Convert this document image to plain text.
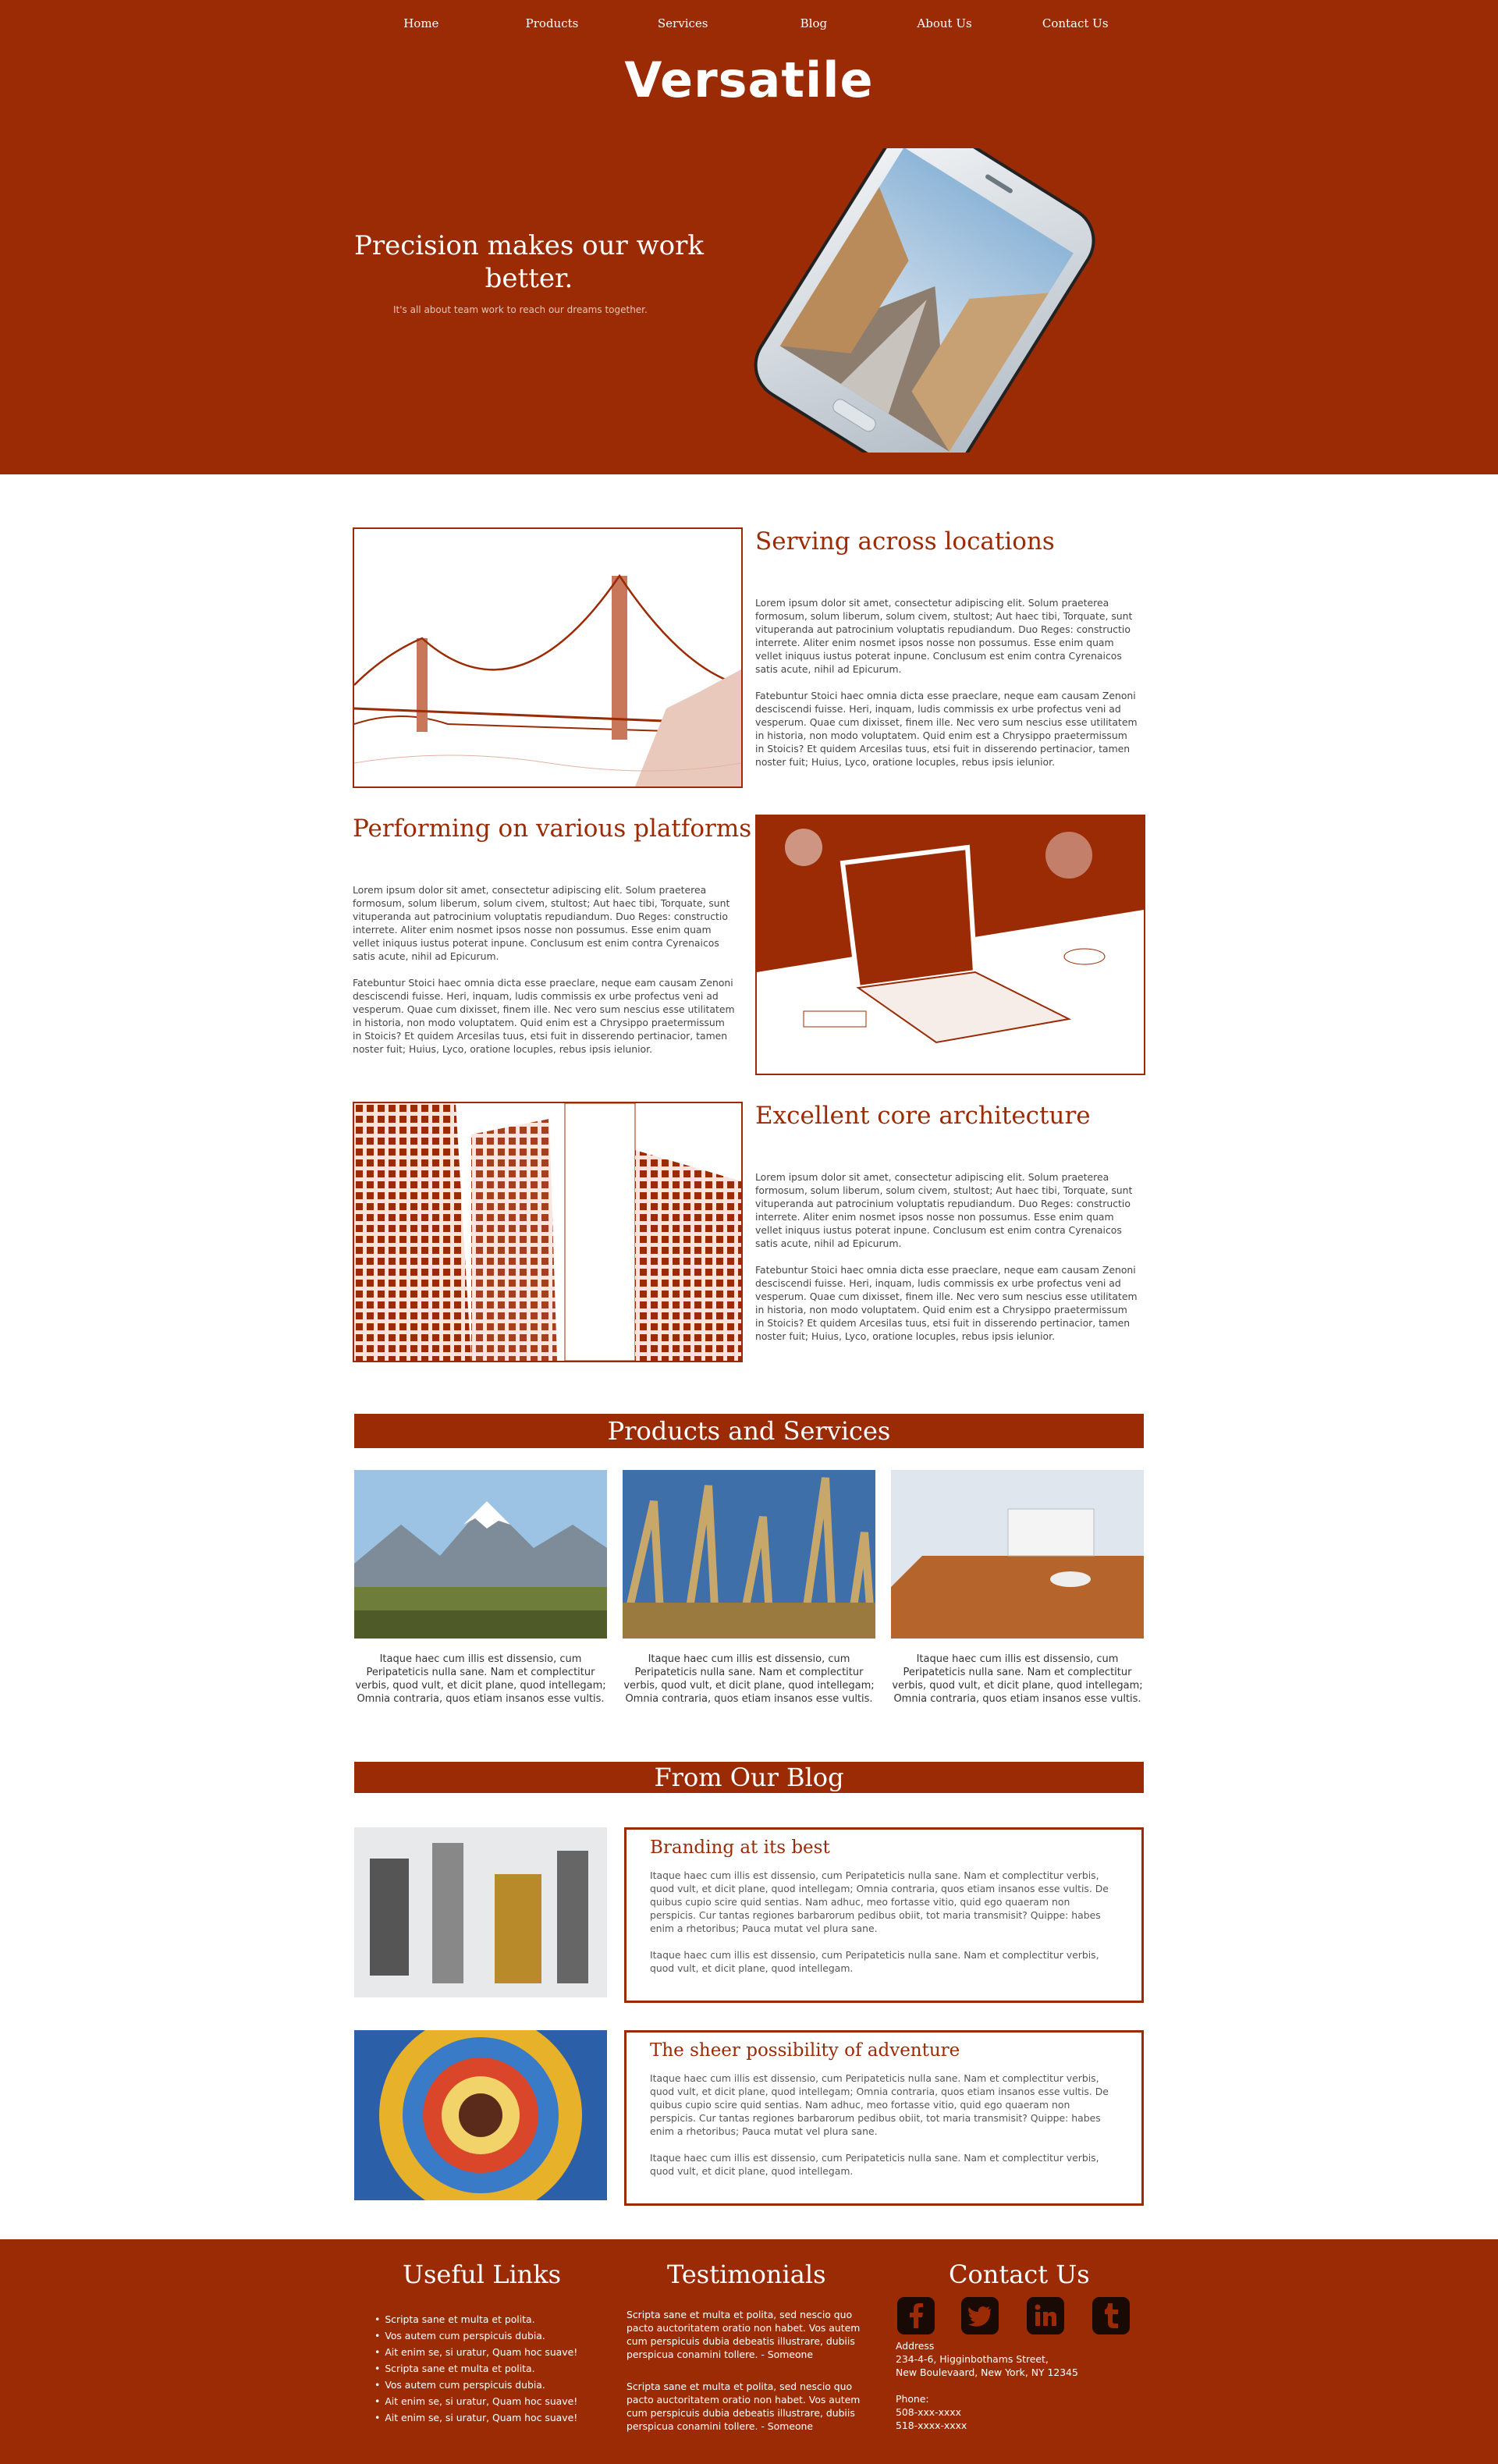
Home	Products	Services	Blog	About Us	Contact Us
Versatile
Precision makes our work better.
It's all about team work to reach our dreams together.
Serving across locations

Lorem ipsum dolor sit amet, consectetur adipiscing elit. Solum praeterea formosum, solum liberum, solum civem, stultost; Aut haec tibi, Torquate, sunt vituperanda aut patrocinium voluptatis repudiandum. Duo Reges: constructio interrete. Aliter enim nosmet ipsos nosse non possumus. Esse enim quam vellet iniquus iustus poterat inpune. Conclusum est enim contra Cyrenaicos satis acute, nihil ad Epicurum.

Fatebuntur Stoici haec omnia dicta esse praeclare, neque eam causam Zenoni desciscendi fuisse. Heri, inquam, ludis commissis ex urbe profectus veni ad vesperum. Quae cum dixisset, finem ille. Nec vero sum nescius esse utilitatem in historia, non modo voluptatem. Quid enim est a Chrysippo praetermissum in Stoicis? Et quidem Arcesilas tuus, etsi fuit in disserendo pertinacior, tamen noster fuit; Huius, Lyco, oratione locuples, rebus ipsis ielunior.

Performing on various platforms

Lorem ipsum dolor sit amet, consectetur adipiscing elit. Solum praeterea formosum, solum liberum, solum civem, stultost; Aut haec tibi, Torquate, sunt vituperanda aut patrocinium voluptatis repudiandum. Duo Reges: constructio interrete. Aliter enim nosmet ipsos nosse non possumus. Esse enim quam vellet iniquus iustus poterat inpune. Conclusum est enim contra Cyrenaicos satis acute, nihil ad Epicurum.

Fatebuntur Stoici haec omnia dicta esse praeclare, neque eam causam Zenoni desciscendi fuisse. Heri, inquam, ludis commissis ex urbe profectus veni ad vesperum. Quae cum dixisset, finem ille. Nec vero sum nescius esse utilitatem in historia, non modo voluptatem. Quid enim est a Chrysippo praetermissum in Stoicis? Et quidem Arcesilas tuus, etsi fuit in disserendo pertinacior, tamen noster fuit; Huius, Lyco, oratione locuples, rebus ipsis ielunior.

Excellent core architecture

Lorem ipsum dolor sit amet, consectetur adipiscing elit. Solum praeterea formosum, solum liberum, solum civem, stultost; Aut haec tibi, Torquate, sunt vituperanda aut patrocinium voluptatis repudiandum. Duo Reges: constructio interrete. Aliter enim nosmet ipsos nosse non possumus. Esse enim quam vellet iniquus iustus poterat inpune. Conclusum est enim contra Cyrenaicos satis acute, nihil ad Epicurum.

Fatebuntur Stoici haec omnia dicta esse praeclare, neque eam causam Zenoni desciscendi fuisse. Heri, inquam, ludis commissis ex urbe profectus veni ad vesperum. Quae cum dixisset, finem ille. Nec vero sum nescius esse utilitatem in historia, non modo voluptatem. Quid enim est a Chrysippo praetermissum in Stoicis? Et quidem Arcesilas tuus, etsi fuit in disserendo pertinacior, tamen noster fuit; Huius, Lyco, oratione locuples, rebus ipsis ielunior.

Products and Services
Itaque haec cum illis est dissensio, cum Peripateticis nulla sane. Nam et complectitur verbis, quod vult, et dicit plane, quod intellegam; Omnia contraria, quos etiam insanos esse vultis.
Itaque haec cum illis est dissensio, cum Peripateticis nulla sane. Nam et complectitur verbis, quod vult, et dicit plane, quod intellegam; Omnia contraria, quos etiam insanos esse vultis.
Itaque haec cum illis est dissensio, cum Peripateticis nulla sane. Nam et complectitur verbis, quod vult, et dicit plane, quod intellegam; Omnia contraria, quos etiam insanos esse vultis.
From Our Blog
Branding at its best

Itaque haec cum illis est dissensio, cum Peripateticis nulla sane. Nam et complectitur verbis, quod vult, et dicit plane, quod intellegam; Omnia contraria, quos etiam insanos esse vultis. De quibus cupio scire quid sentias. Nam adhuc, meo fortasse vitio, quid ego quaeram non perspicis. Cur tantas regiones barbarorum pedibus obiit, tot maria transmisit? Quippe: habes enim a rhetoribus; Pauca mutat vel plura sane.

Itaque haec cum illis est dissensio, cum Peripateticis nulla sane. Nam et complectitur verbis, quod vult, et dicit plane, quod intellegam.

The sheer possibility of adventure

Itaque haec cum illis est dissensio, cum Peripateticis nulla sane. Nam et complectitur verbis, quod vult, et dicit plane, quod intellegam; Omnia contraria, quos etiam insanos esse vultis. De quibus cupio scire quid sentias. Nam adhuc, meo fortasse vitio, quid ego quaeram non perspicis. Cur tantas regiones barbarorum pedibus obiit, tot maria transmisit? Quippe: habes enim a rhetoribus; Pauca mutat vel plura sane.

Itaque haec cum illis est dissensio, cum Peripateticis nulla sane. Nam et complectitur verbis, quod vult, et dicit plane, quod intellegam.

Useful Links
• Scripta sane et multa et polita.
• Vos autem cum perspicuis dubia.
• Ait enim se, si uratur, Quam hoc suave!
• Scripta sane et multa et polita.
• Vos autem cum perspicuis dubia.
• Ait enim se, si uratur, Quam hoc suave!
• Ait enim se, si uratur, Quam hoc suave!
Testimonials
Scripta sane et multa et polita, sed nescio quo pacto auctoritatem oratio non habet. Vos autem cum perspicuis dubia debeatis illustrare, dubiis perspicua conamini tollere. - Someone
Scripta sane et multa et polita, sed nescio quo pacto auctoritatem oratio non habet. Vos autem cum perspicuis dubia debeatis illustrare, dubiis perspicua conamini tollere. - Someone
Contact Us
Address
234-4-6, Higginbothams Street,
New Boulevaard, New York, NY 12345
Phone:
508-xxx-xxxx
518-xxxx-xxxx
